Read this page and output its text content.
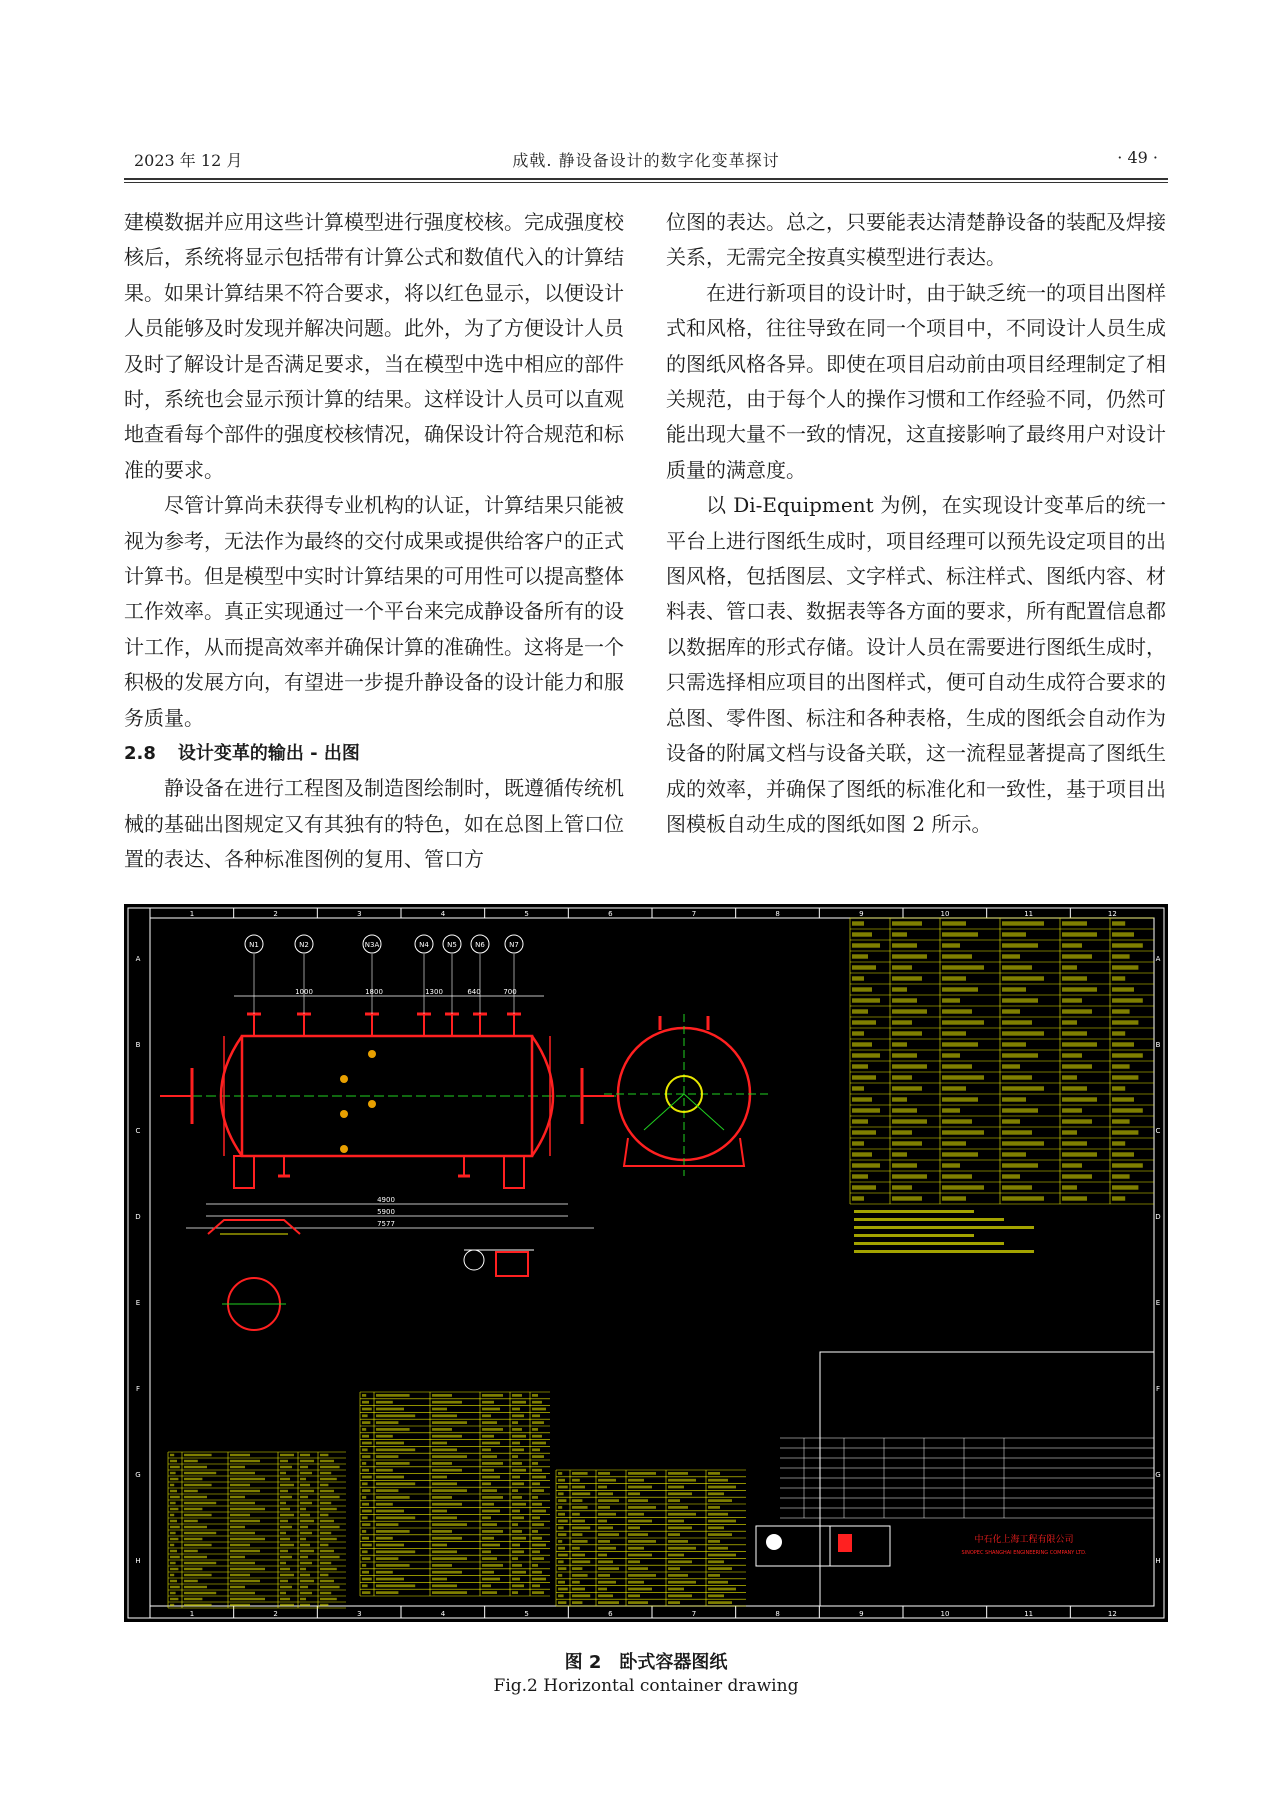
2023 年 12 月	成戟. 静设备设计的数字化变革探讨	· 49 ·

建模数据并应用这些计算模型进行强度校核。完成强度校核后，系统将显示包括带有计算公式和数值代入的计算结果。如果计算结果不符合要求，将以红色显示，以便设计人员能够及时发现并解决问题。此外，为了方便设计人员及时了解设计是否满足要求，当在模型中选中相应的部件时，系统也会显示预计算的结果。这样设计人员可以直观地查看每个部件的强度校核情况，确保设计符合规范和标准的要求。

尽管计算尚未获得专业机构的认证，计算结果只能被视为参考，无法作为最终的交付成果或提供给客户的正式计算书。但是模型中实时计算结果的可用性可以提高整体工作效率。真正实现通过一个平台来完成静设备所有的设计工作，从而提高效率并确保计算的准确性。这将是一个积极的发展方向，有望进一步提升静设备的设计能力和服务质量。

2.8 设计变革的输出 - 出图

静设备在进行工程图及制造图绘制时，既遵循传统机械的基础出图规定又有其独有的特色，如在总图上管口位置的表达、各种标准图例的复用、管口方

位图的表达。总之，只要能表达清楚静设备的装配及焊接关系，无需完全按真实模型进行表达。

在进行新项目的设计时，由于缺乏统一的项目出图样式和风格，往往导致在同一个项目中，不同设计人员生成的图纸风格各异。即使在项目启动前由项目经理制定了相关规范，由于每个人的操作习惯和工作经验不同，仍然可能出现大量不一致的情况，这直接影响了最终用户对设计质量的满意度。

以 Di-Equipment 为例，在实现设计变革后的统一平台上进行图纸生成时，项目经理可以预先设定项目的出图风格，包括图层、文字样式、标注样式、图纸内容、材料表、管口表、数据表等各方面的要求，所有配置信息都以数据库的形式存储。设计人员在需要进行图纸生成时，只需选择相应项目的出图样式，便可自动生成符合要求的总图、零件图、标注和各种表格，生成的图纸会自动作为设备的附属文档与设备关联，这一流程显著提高了图纸生成的效率，并确保了图纸的标准化和一致性，基于项目出图模板自动生成的图纸如图 2 所示。

1
1
2
2
3
3
4
4
5
5
6
6
7
7
8
8
9
9
10
10
11
11
12
12
A	A
B	B
C	C
D	D
E	E
F	F
G	G
H	H
4900
5900
7577
1000	1800	1300	640	700
N1	N2	N3A	N4	N5	N6	N7
中石化上海工程有限公司
SINOPEC SHANGHAI ENGINEERING COMPANY LTD.
图 2　卧式容器图纸
Fig.2 Horizontal container drawing
